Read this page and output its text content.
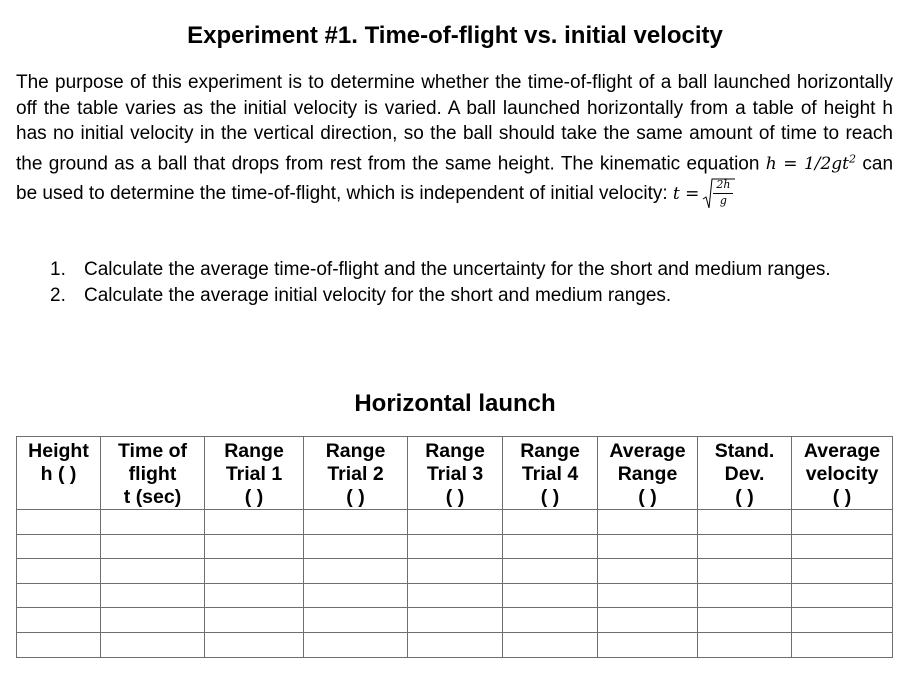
Experiment #1. Time-of-flight vs. initial velocity

The purpose of this experiment is to determine whether the time-of-flight of a ball launched horizontally off the table varies as the initial velocity is varied. A ball launched horizontally from a table of height h has no initial velocity in the vertical direction, so the ball should take the same amount of time to reach the ground as a ball that drops from rest from the same height. The kinematic equation $h = 1/2gt^2$ can be used to determine the time-of-flight, which is independent of initial velocity: $t = \frac{2h}{g}$

1. Calculate the average time-of-flight and the uncertainty for the short and medium ranges.
2. Calculate the average initial velocity for the short and medium ranges.
Horizontal launch
Height
h ( )	Time of
flight
t (sec)	Range
Trial 1
( )	Range
Trial 2
( )	Range
Trial 3
( )	Range
Trial 4
( )	Average
Range
( )	Stand.
Dev.
( )	Average
velocity
( )
